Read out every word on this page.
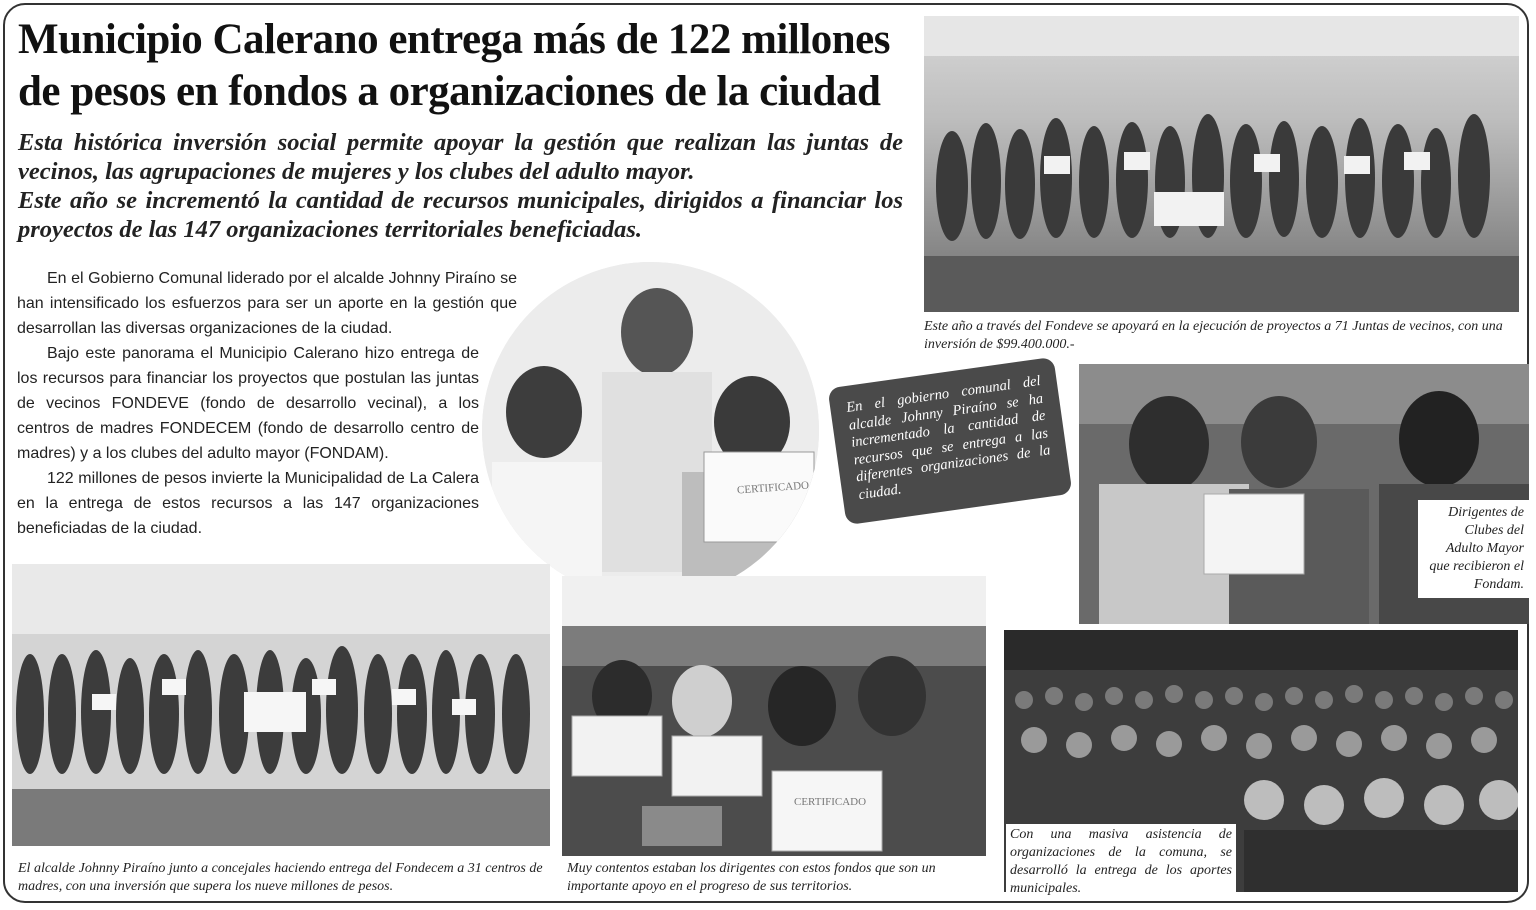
Municipio Calerano entrega más de 122 millones de pesos en fondos a organizaciones de la ciudad
Esta histórica inversión social permite apoyar la gestión que realizan las juntas de vecinos, las agrupaciones de mujeres y los clubes del adulto mayor.
Este año se incrementó la cantidad de recursos municipales, dirigidos a financiar los proyectos de las 147 organizaciones territoriales beneficiadas.

En el Gobierno Comunal liderado por el alcalde Johnny Piraíno se han intensificado los esfuerzos para ser un aporte en la gestión que desarrollan las diversas organizaciones de la ciudad.

Bajo este panorama el Municipio Calerano hizo entrega de los recursos para financiar los proyectos que postulan las juntas de vecinos FONDEVE (fondo de desarrollo vecinal), a los centros de madres FONDECEM (fondo de desarrollo centro de madres) y a los clubes del adulto mayor (FONDAM).

122 millones de pesos invierte la Municipalidad de La Calera en la entrega de estos recursos a las 147 organizaciones beneficiadas de la ciudad.

Este año a través del Fondeve se apoyará en la ejecución de proyectos a 71 Juntas de vecinos, con una inversión de $99.400.000.-

CERTIFICADO

En el gobierno comunal del alcalde Johnny Piraíno se ha incrementado la cantidad de recursos que se entrega a las diferentes organizaciones de la ciudad.

Dirigentes de Clubes del Adulto Mayor que recibieron el Fondam.

El alcalde Johnny Piraíno junto a concejales haciendo entrega del Fondecem a 31 centros de madres, con una inversión que supera los nueve millones de pesos.

CERTIFICADO

Muy contentos estaban los dirigentes con estos fondos que son un importante apoyo en el progreso de sus territorios.

Con una masiva asistencia de organizaciones de la comuna, se desarrolló la entrega de los aportes municipales.
